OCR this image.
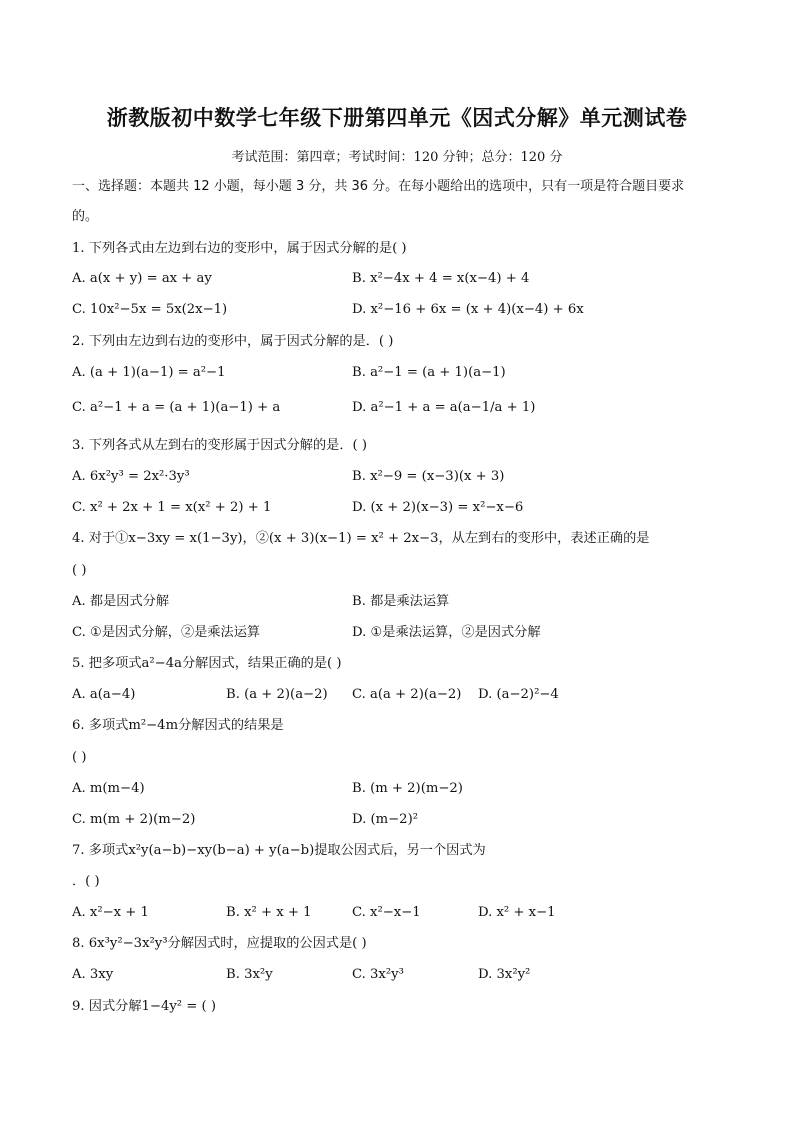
浙教版初中数学七年级下册第四单元《因式分解》单元测试卷
考试范围：第四章；考试时间：120 分钟；总分：120 分
一、选择题：本题共 12 小题，每小题 3 分，共 36 分。在每小题给出的选项中，只有一项是符合题目要求
的。
1. 下列各式由左边到右边的变形中，属于因式分解的是( )
A. a(x + y) = ax + ay	B. x²−4x + 4 = x(x−4) + 4
C. 10x²−5x = 5x(2x−1)	D. x²−16 + 6x = (x + 4)(x−4) + 6x
2. 下列由左边到右边的变形中，属于因式分解的是．( )
A. (a + 1)(a−1) = a²−1	B. a²−1 = (a + 1)(a−1)
C. a²−1 + a = (a + 1)(a−1) + a	D. a²−1 + a = a(a−1/a + 1)
3. 下列各式从左到右的变形属于因式分解的是．( )
A. 6x²y³ = 2x²·3y³	B. x²−9 = (x−3)(x + 3)
C. x² + 2x + 1 = x(x² + 2) + 1	D. (x + 2)(x−3) = x²−x−6
4. 对于①x−3xy = x(1−3y)，②(x + 3)(x−1) = x² + 2x−3，从左到右的变形中，表述正确的是
( )
A. 都是因式分解	B. 都是乘法运算
C. ①是因式分解，②是乘法运算	D. ①是乘法运算，②是因式分解
5. 把多项式a²−4a分解因式，结果正确的是( )
A. a(a−4)	B. (a + 2)(a−2) C. a(a + 2)(a−2) D. (a−2)²−4
6. 多项式m²−4m分解因式的结果是
( )
A. m(m−4)	B. (m + 2)(m−2)
C. m(m + 2)(m−2)	D. (m−2)²
7. 多项式x²y(a−b)−xy(b−a) + y(a−b)提取公因式后，另一个因式为
．( )
A. x²−x + 1	B. x² + x + 1	C. x²−x−1	D. x² + x−1
8. 6x³y²−3x²y³分解因式时，应提取的公因式是( )
A. 3xy	B. 3x²y	C. 3x²y³	D. 3x²y²
9. 因式分解1−4y² = ( )
